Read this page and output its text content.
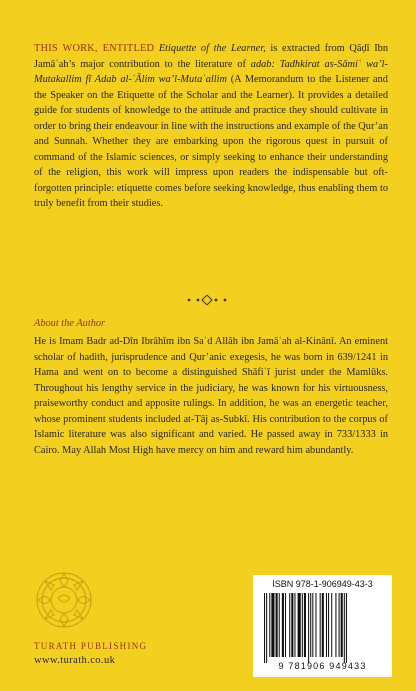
THIS WORK, ENTITLED Etiquette of the Learner, is extracted from Qāḍī Ibn Jamāʿah’s major contribution to the literature of adab: Tadhkirat as-Sāmiʿ wa’l-Mutakallim fī Adab al-ʿĀlim wa’l-Mutaʿallim (A Memorandum to the Listener and the Speaker on the Etiquette of the Scholar and the Learner). It provides a detailed guide for students of knowledge to the attitude and practice they should cultivate in order to bring their endeavour in line with the instructions and example of the Qur’an and Sunnah. Whether they are embarking upon the rigorous quest in pursuit of command of the Islamic sciences, or simply seeking to enhance their understanding of the religion, this work will impress upon readers the indispensable but oft-forgotten principle: etiquette comes before seeking knowledge, thus enabling them to truly benefit from their studies.

About the Author

He is Imam Badr ad-Dīn Ibrāhīm ibn Saʿd Allāh ibn Jamāʿah al-Kinānī. An eminent scholar of hadith, jurisprudence and Qur’anic exegesis, he was born in 639/1241 in Hama and went on to become a distinguished Shāfiʿī jurist under the Mamlūks. Throughout his lengthy service in the judiciary, he was known for his virtuousness, praiseworthy conduct and apposite rulings. In addition, he was an energetic teacher, whose prominent students included at-Tāj as-Subkī. His contribution to the corpus of Islamic literature was also significant and varied. He passed away in 733/1333 in Cairo. May Allah Most High have mercy on him and reward him abundantly.

TURATH PUBLISHING

www.turath.co.uk

ISBN 978-1-906949-43-3

9 781906 949433
